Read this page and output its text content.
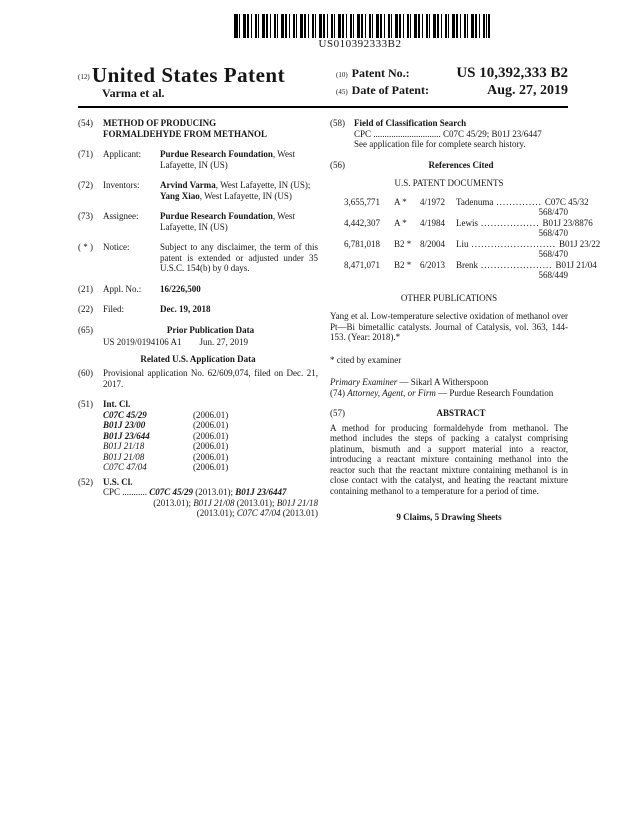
US010392333B2
$^{(12)}$ United States Patent
Varma et al.
(10) Patent No.:	US 10,392,333 B2
(45) Date of Patent:	Aug. 27, 2019
(54)	METHOD OF PRODUCING
FORMALDEHYDE FROM METHANOL
(71)	Applicant:	Purdue Research Foundation, West Lafayette, IN (US)
(72)	Inventors:	Arvind Varma, West Lafayette, IN (US); Yang Xiao, West Lafayette, IN (US)
(73)	Assignee:	Purdue Research Foundation, West Lafayette, IN (US)
( * )	Notice:	Subject to any disclaimer, the term of this patent is extended or adjusted under 35 U.S.C. 154(b) by 0 days.
(21)	Appl. No.:	16/226,500
(22)	Filed:	Dec. 19, 2018
(65)	Prior Publication Data
US 2019/0194106 A1 Jun. 27, 2019
Related U.S. Application Data
(60)	Provisional application No. 62/609,074, filed on Dec. 21, 2017.
(51)	Int. Cl.
C07C 45/29	(2006.01)
B01J 23/00	(2006.01)
B01J 23/644	(2006.01)
B01J 21/18	(2006.01)
B01J 21/08	(2006.01)
C07C 47/04	(2006.01)
(52)	U.S. Cl.
CPC ........... C07C 45/29 (2013.01); B01J 23/6447
(2013.01); B01J 21/08 (2013.01); B01J 21/18
(2013.01); C07C 47/04 (2013.01)
(58)	Field of Classification Search
CPC .............................. C07C 45/29; B01J 23/6447
See application file for complete search history.
(56)	References Cited
U.S. PATENT DOCUMENTS
3,655,771	A *	4/1972	Tadenuma .............. C07C 45/32
568/470
4,442,307	A *	4/1984	Lewis .................. B01J 23/8876
568/470
6,781,018	B2 * 8/2004	Liu .......................... B01J 23/22
568/470
8,471,071	B2 * 6/2013	Brenk ...................... B01J 21/04
568/449
OTHER PUBLICATIONS
Yang et al. Low-temperature selective oxidation of methanol over Pt—Bi bimetallic catalysts. Journal of Catalysis, vol. 363, 144-153. (Year: 2018).*
* cited by examiner
Primary Examiner — Sikarl A Witherspoon
(74) Attorney, Agent, or Firm — Purdue Research Foundation
(57)	ABSTRACT
A method for producing formaldehyde from methanol. The method includes the steps of packing a catalyst comprising platinum, bismuth and a support material into a reactor, introducing a reactant mixture containing methanol into the reactor such that the reactant mixture containing methanol is in close contact with the catalyst, and heating the reactant mixture containing methanol to a temperature for a period of time.
9 Claims, 5 Drawing Sheets
